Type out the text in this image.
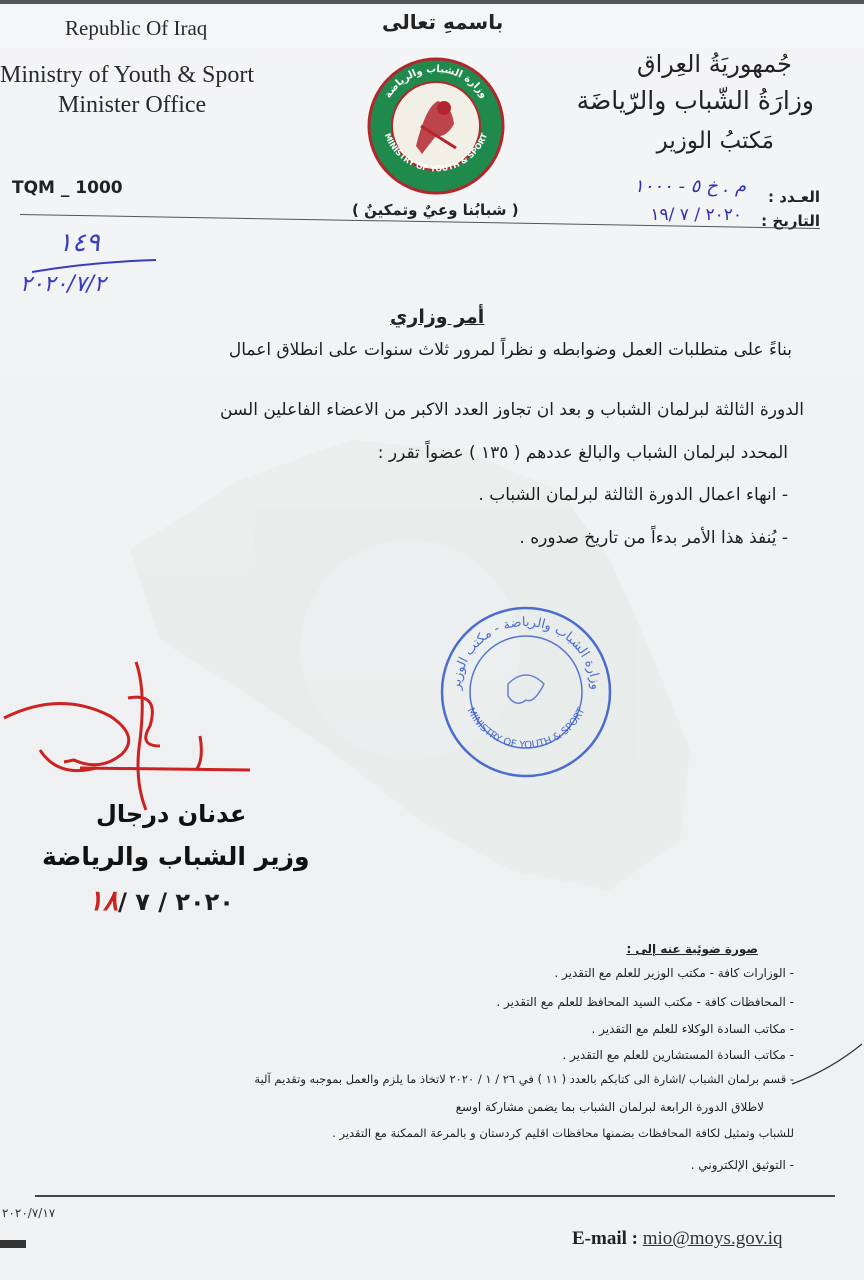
Republic Of Iraq
Ministry of Youth & Sport
Minister Office
جُمهوريَةُ العِراق
وزارَةُ الشّباب والرّياضَة
مَكتبُ الوزير
باسمهِ تعالى
وزارة الشباب والرياضة
MINISTRY OF YOUTH & SPORT
( شبابُنا وعيٌ وتمكينٌ )
TQM _ 1000	العـدد :
م . خ ٥ - ١٠٠٠
التاريخ :
٢٠٢٠ / ٧ /١٩
١٤٩
٢٠٢٠/٧/٢
أمر وزاري
بناءً على متطلبات العمل وضوابطه و نظراً لمرور ثلاث سنوات على انطلاق اعمال
الدورة الثالثة لبرلمان الشباب و بعد ان تجاوز العدد الاكبر من الاعضاء الفاعلين السن
المحدد لبرلمان الشباب والبالغ عددهم ( ١٣٥ ) عضواً تقرر :
- انهاء اعمال الدورة الثالثة لبرلمان الشباب .
- يُنفذ هذا الأمر بدءاً من تاريخ صدوره .
وزارة الشباب والرياضة - مكتب الوزير
MINISTRY OF YOUTH & SPORT
عدنان درجال
وزير الشباب والرياضة
٢٠٢٠ / ٧ /١٨
صورة ضوئية عنه إلى :
- الوزارات كافة - مكتب الوزير للعلم مع التقدير .
- المحافظات كافة - مكتب السيد المحافظ للعلم مع التقدير .
- مكاتب السادة الوكلاء للعلم مع التقدير .
- مكاتب السادة المستشارين للعلم مع التقدير .
- قسم برلمان الشباب /اشارة الى كتابكم بالعدد ( ١١ ) في ٢٦ / ١ / ٢٠٢٠ لاتخاذ ما يلزم والعمل بموجبه وتقديم آلية
لاطلاق الدورة الرابعة لبرلمان الشباب بما يضمن مشاركة اوسع
للشباب وتمثيل لكافة المحافظات بضمنها محافظات اقليم كردستان و بالمرعة الممكنة مع التقدير .
- التوثيق الإلكتروني .
٢٠٢٠/٧/١٧
E-mail : mio@moys.gov.iq
